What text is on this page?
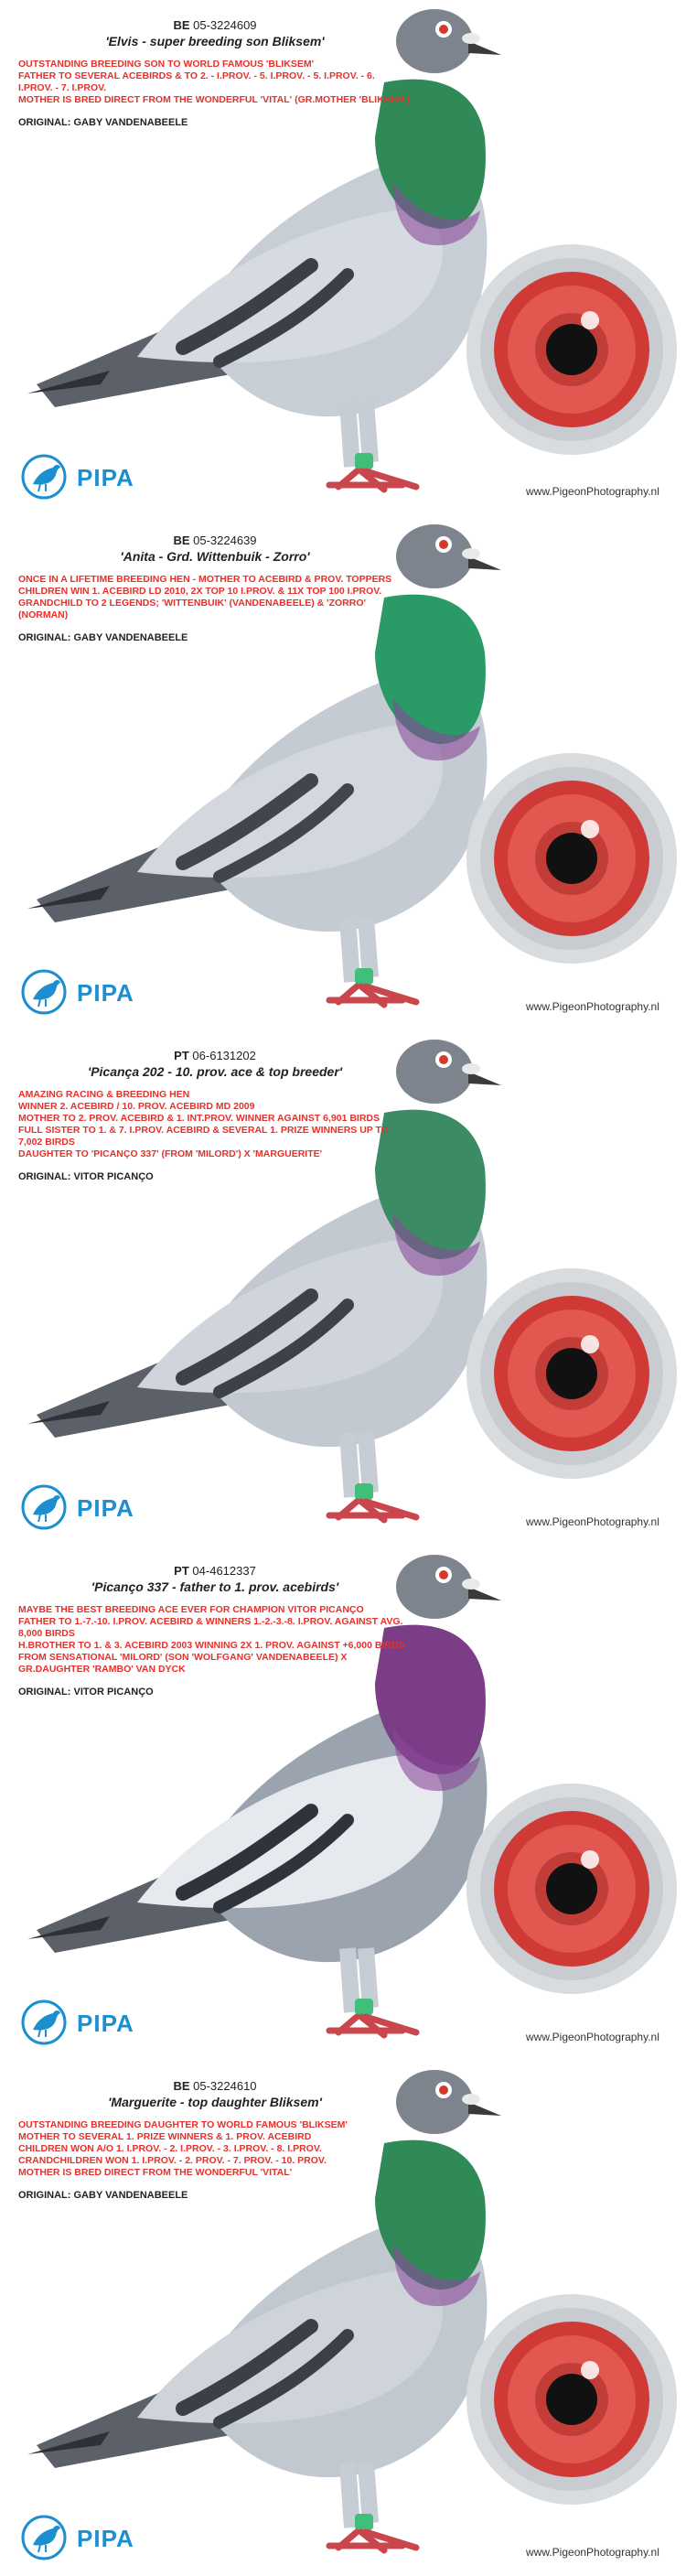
BE 05-3224609
'Elvis - super breeding son Bliksem'

OUTSTANDING BREEDING SON TO WORLD FAMOUS 'BLIKSEM'

FATHER TO SEVERAL ACEBIRDS & TO 2. - I.PROV. - 5. I.PROV. - 5. I.PROV. - 6. I.PROV. - 7. I.PROV.

MOTHER IS BRED DIRECT FROM THE WONDERFUL 'VITAL' (GR.MOTHER 'BLIKSEM')

ORIGINAL: GABY VANDENABEELE
PIPA	www.PigeonPhotography.nl
BE 05-3224639
'Anita - Grd. Wittenbuik - Zorro'

ONCE IN A LIFETIME BREEDING HEN - MOTHER TO ACEBIRD & PROV. TOPPERS

CHILDREN WIN 1. ACEBIRD LD 2010, 2X TOP 10 I.PROV. & 11X TOP 100 I.PROV.

GRANDCHILD TO 2 LEGENDS; 'WITTENBUIK' (VANDENABEELE) & 'ZORRO' (NORMAN)

ORIGINAL: GABY VANDENABEELE
PIPA	www.PigeonPhotography.nl
PT 06-6131202
'Picança 202 - 10. prov. ace & top breeder'

AMAZING RACING & BREEDING HEN

WINNER 2. ACEBIRD / 10. PROV. ACEBIRD MD 2009

MOTHER TO 2. PROV. ACEBIRD & 1. INT.PROV. WINNER AGAINST 6,901 BIRDS

FULL SISTER TO 1. & 7. I.PROV. ACEBIRD & SEVERAL 1. PRIZE WINNERS UP TO 7,002 BIRDS

DAUGHTER TO 'PICANÇO 337' (FROM 'MILORD') X 'MARGUERITE'

ORIGINAL: VITOR PICANÇO
PIPA	www.PigeonPhotography.nl
PT 04-4612337
'Picanço 337 - father to 1. prov. acebirds'

MAYBE THE BEST BREEDING ACE EVER FOR CHAMPION VITOR PICANÇO

FATHER TO 1.-7.-10. I.PROV. ACEBIRD & WINNERS 1.-2.-3.-8. I.PROV. AGAINST AVG. 8,000 BIRDS

H.BROTHER TO 1. & 3. ACEBIRD 2003 WINNING 2X 1. PROV. AGAINST +6,000 BIRDS

FROM SENSATIONAL 'MILORD' (SON 'WOLFGANG' VANDENABEELE) X GR.DAUGHTER 'RAMBO' VAN DYCK

ORIGINAL: VITOR PICANÇO
PIPA	www.PigeonPhotography.nl
BE 05-3224610
'Marguerite - top daughter Bliksem'

OUTSTANDING BREEDING DAUGHTER TO WORLD FAMOUS 'BLIKSEM'

MOTHER TO SEVERAL 1. PRIZE WINNERS & 1. PROV. ACEBIRD

CHILDREN WON A/O 1. I.PROV. - 2. I.PROV. - 3. I.PROV. - 8. I.PROV.

CRANDCHILDREN WON 1. I.PROV. - 2. PROV. - 7. PROV. - 10. PROV.

MOTHER IS BRED DIRECT FROM THE WONDERFUL 'VITAL'

ORIGINAL: GABY VANDENABEELE
PIPA	www.PigeonPhotography.nl
